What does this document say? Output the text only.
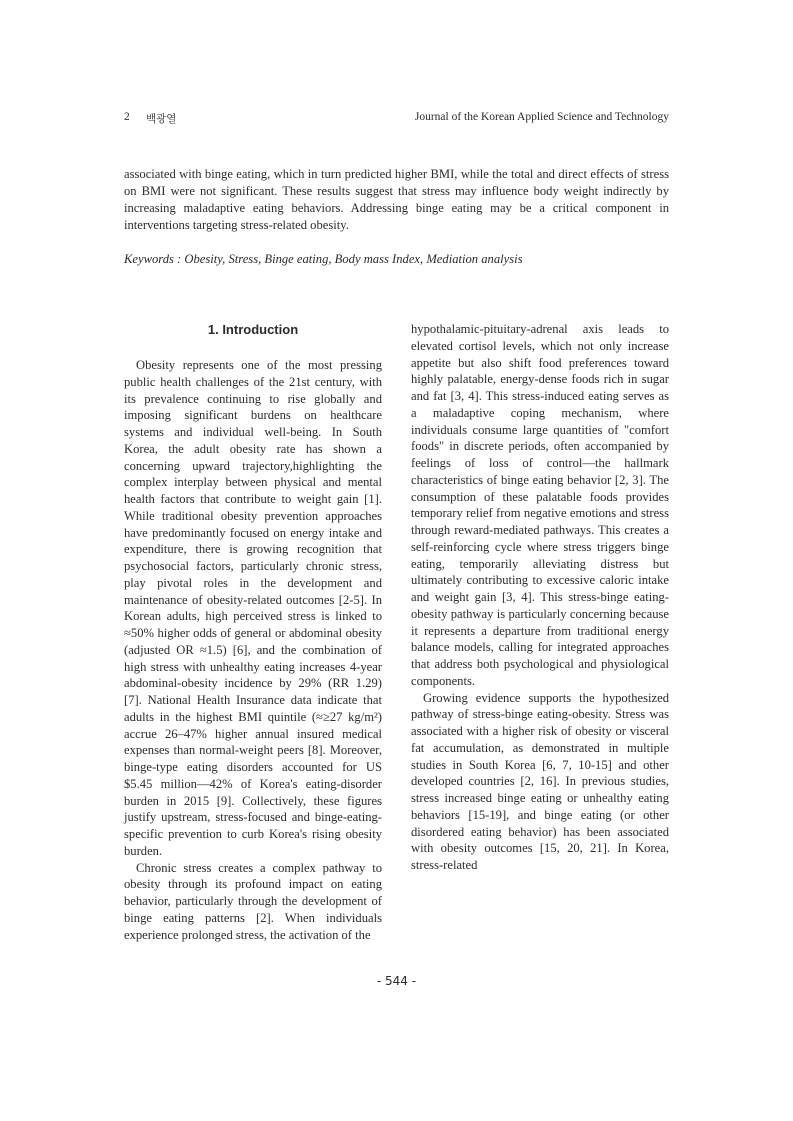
2 백광열	Journal of the Korean Applied Science and Technology

associated with binge eating, which in turn predicted higher BMI, while the total and direct effects of stress on BMI were not significant. These results suggest that stress may influence body weight indirectly by increasing maladaptive eating behaviors. Addressing binge eating may be a critical component in interventions targeting stress-related obesity.

Keywords : Obesity, Stress, Binge eating, Body mass Index, Mediation analysis
1. Introduction

Obesity represents one of the most pressing public health challenges of the 21st century, with its prevalence continuing to rise globally and imposing significant burdens on healthcare systems and individual well-being. In South Korea, the adult obesity rate has shown a concerning upward trajectory,highlighting the complex interplay between physical and mental health factors that contribute to weight gain [1]. While traditional obesity prevention approaches have predominantly focused on energy intake and expenditure, there is growing recognition that psychosocial factors, particularly chronic stress, play pivotal roles in the development and maintenance of obesity-related outcomes [2-5]. In Korean adults, high perceived stress is linked to ≈50% higher odds of general or abdominal obesity (adjusted OR ≈1.5) [6], and the combination of high stress with unhealthy eating increases 4-year abdominal-obesity incidence by 29% (RR 1.29) [7]. National Health Insurance data indicate that adults in the highest BMI quintile (≈≥27 kg/m²) accrue 26–47% higher annual insured medical expenses than normal-weight peers [8]. Moreover, binge-type eating disorders accounted for US $5.45 million—42% of Korea's eating-disorder burden in 2015 [9]. Collectively, these figures justify upstream, stress-focused and binge-eating-specific prevention to curb Korea's rising obesity burden.

Chronic stress creates a complex pathway to obesity through its profound impact on eating behavior, particularly through the development of binge eating patterns [2]. When individuals experience prolonged stress, the activation of the

hypothalamic-pituitary-adrenal axis leads to elevated cortisol levels, which not only increase appetite but also shift food preferences toward highly palatable, energy-dense foods rich in sugar and fat [3, 4]. This stress-induced eating serves as a maladaptive coping mechanism, where individuals consume large quantities of "comfort foods" in discrete periods, often accompanied by feelings of loss of control—the hallmark characteristics of binge eating behavior [2, 3]. The consumption of these palatable foods provides temporary relief from negative emotions and stress through reward-mediated pathways. This creates a self-reinforcing cycle where stress triggers binge eating, temporarily alleviating distress but ultimately contributing to excessive caloric intake and weight gain [3, 4]. This stress-binge eating-obesity pathway is particularly concerning because it represents a departure from traditional energy balance models, calling for integrated approaches that address both psychological and physiological components.

Growing evidence supports the hypothesized pathway of stress-binge eating-obesity. Stress was associated with a higher risk of obesity or visceral fat accumulation, as demonstrated in multiple studies in South Korea [6, 7, 10-15] and other developed countries [2, 16]. In previous studies, stress increased binge eating or unhealthy eating behaviors [15-19], and binge eating (or other disordered eating behavior) has been associated with obesity outcomes [15, 20, 21]. In Korea, stress-related

- 544 -
